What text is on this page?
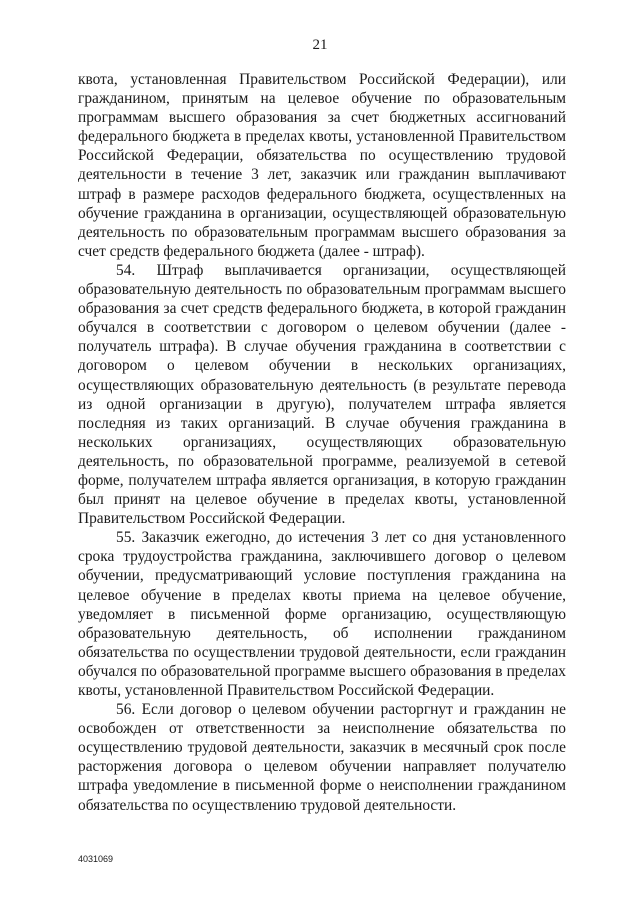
21

квота, установленная Правительством Российской Федерации), или гражданином, принятым на целевое обучение по образовательным программам высшего образования за счет бюджетных ассигнований федерального бюджета в пределах квоты, установленной Правительством Российской Федерации, обязательства по осуществлению трудовой деятельности в течение 3 лет, заказчик или гражданин выплачивают штраф в размере расходов федерального бюджета, осуществленных на обучение гражданина в организации, осуществляющей образовательную деятельность по образовательным программам высшего образования за счет средств федерального бюджета (далее - штраф).

54. Штраф выплачивается организации, осуществляющей образовательную деятельность по образовательным программам высшего образования за счет средств федерального бюджета, в которой гражданин обучался в соответствии с договором о целевом обучении (далее - получатель штрафа). В случае обучения гражданина в соответствии с договором о целевом обучении в нескольких организациях, осуществляющих образовательную деятельность (в результате перевода из одной организации в другую), получателем штрафа является последняя из таких организаций. В случае обучения гражданина в нескольких организациях, осуществляющих образовательную деятельность, по образовательной программе, реализуемой в сетевой форме, получателем штрафа является организация, в которую гражданин был принят на целевое обучение в пределах квоты, установленной Правительством Российской Федерации.

55. Заказчик ежегодно, до истечения 3 лет со дня установленного срока трудоустройства гражданина, заключившего договор о целевом обучении, предусматривающий условие поступления гражданина на целевое обучение в пределах квоты приема на целевое обучение, уведомляет в письменной форме организацию, осуществляющую образовательную деятельность, об исполнении гражданином обязательства по осуществлении трудовой деятельности, если гражданин обучался по образовательной программе высшего образования в пределах квоты, установленной Правительством Российской Федерации.

56. Если договор о целевом обучении расторгнут и гражданин не освобожден от ответственности за неисполнение обязательства по осуществлению трудовой деятельности, заказчик в месячный срок после расторжения договора о целевом обучении направляет получателю штрафа уведомление в письменной форме о неисполнении гражданином обязательства по осуществлению трудовой деятельности.

4031069
